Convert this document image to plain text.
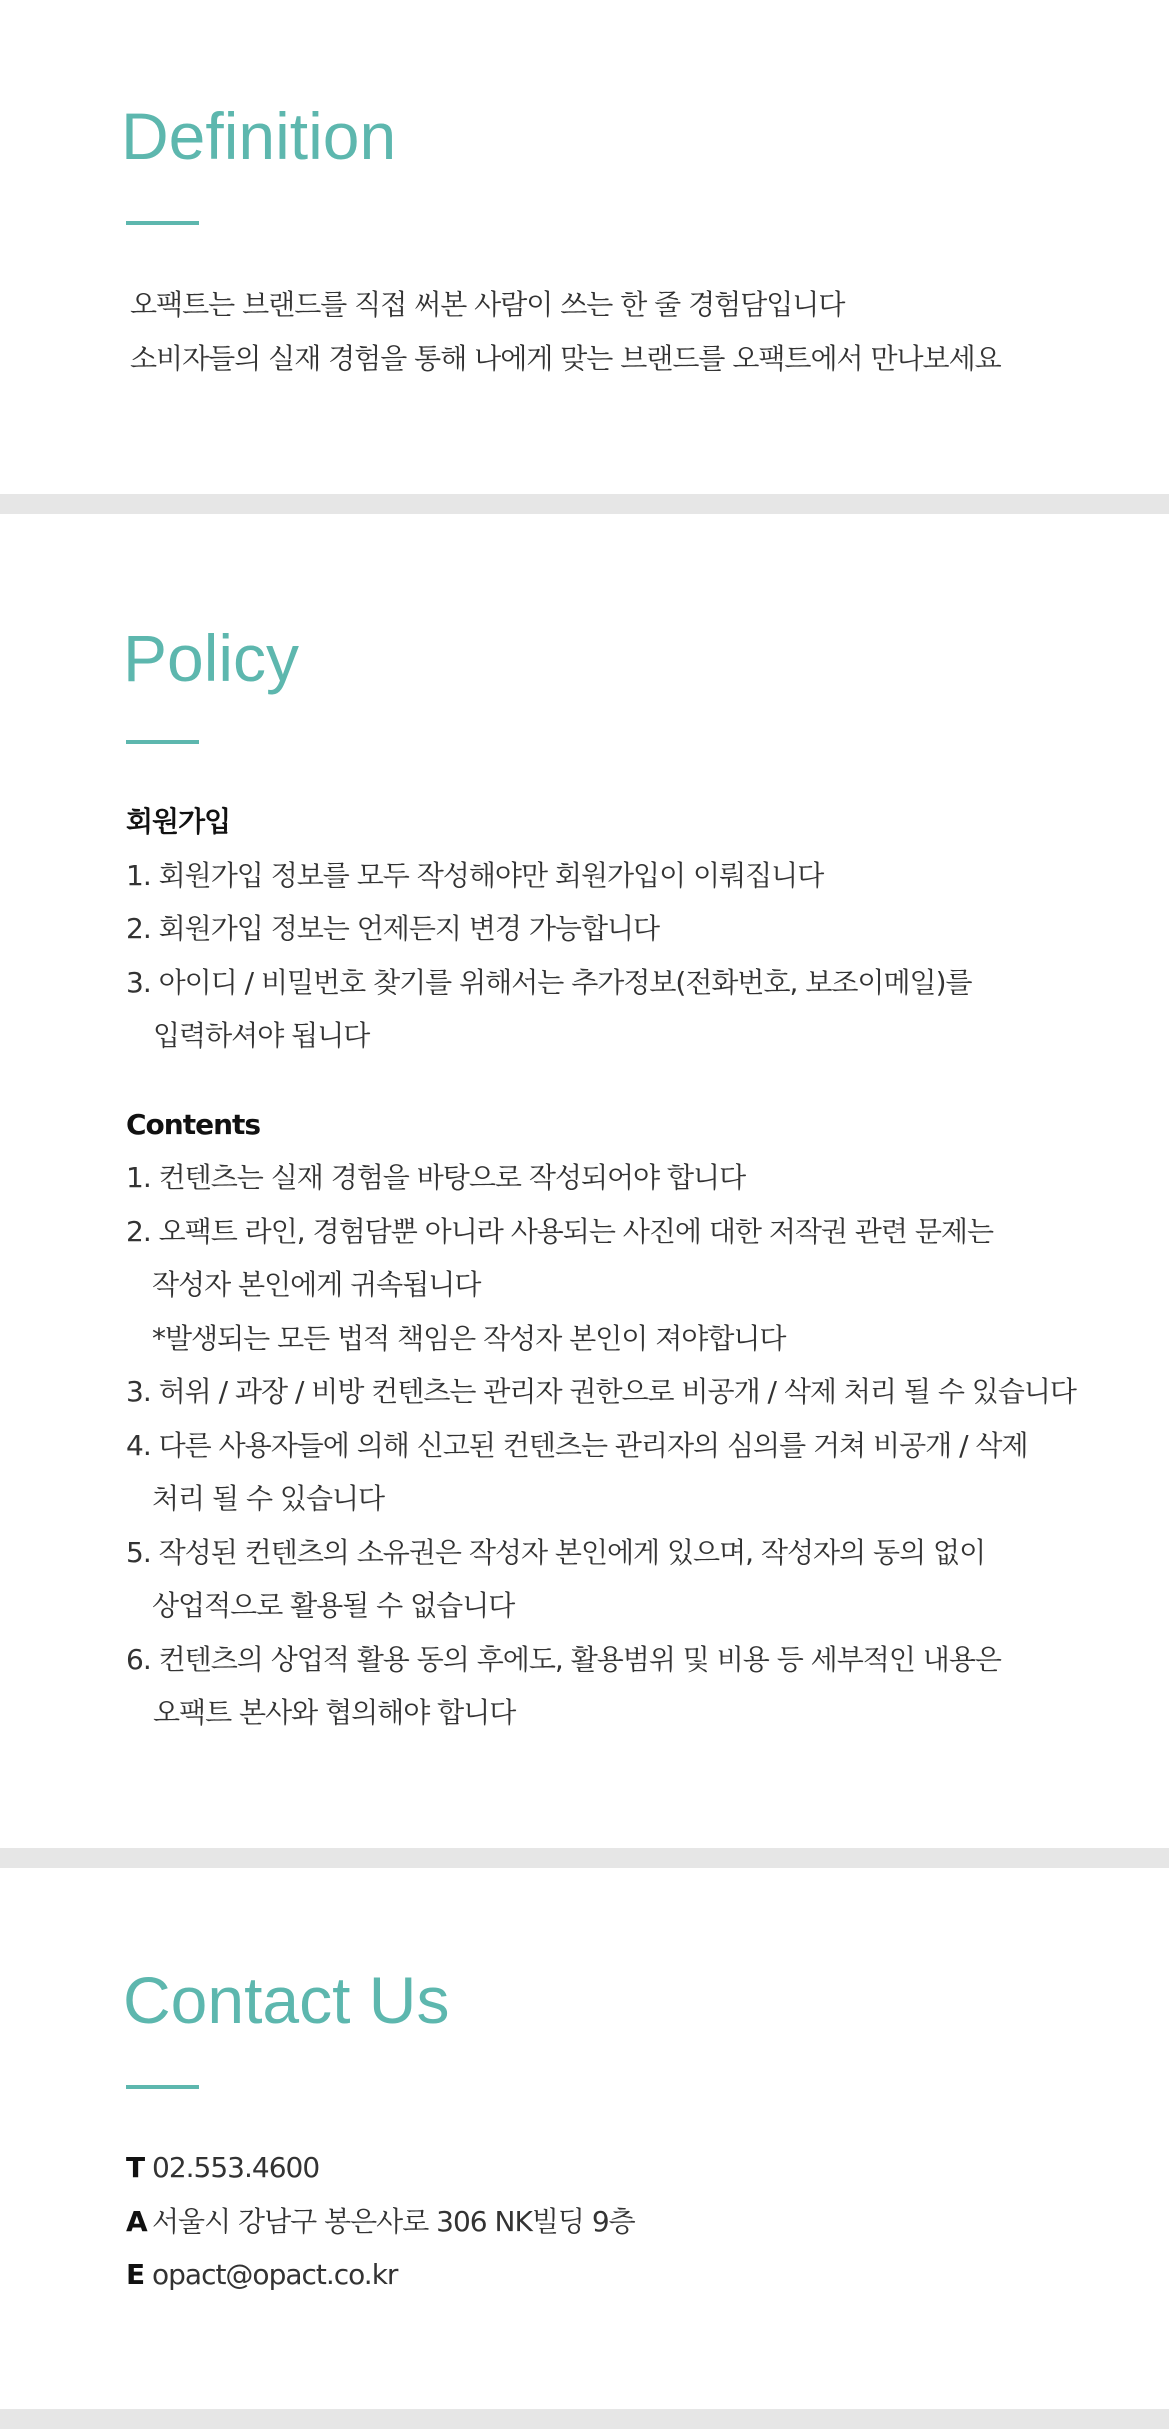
Definition
오팩트는 브랜드를 직접 써본 사람이 쓰는 한 줄 경험담입니다
소비자들의 실재 경험을 통해 나에게 맞는 브랜드를 오팩트에서 만나보세요
Policy
회원가입
1. 회원가입 정보를 모두 작성해야만 회원가입이 이뤄집니다
2. 회원가입 정보는 언제든지 변경 가능합니다
3. 아이디 / 비밀번호 찾기를 위해서는 추가정보(전화번호, 보조이메일)를
입력하셔야 됩니다
Contents
1. 컨텐츠는 실재 경험을 바탕으로 작성되어야 합니다
2. 오팩트 라인, 경험담뿐 아니라 사용되는 사진에 대한 저작권 관련 문제는
작성자 본인에게 귀속됩니다
*발생되는 모든 법적 책임은 작성자 본인이 져야합니다
3. 허위 / 과장 / 비방 컨텐츠는 관리자 권한으로 비공개 / 삭제 처리 될 수 있습니다
4. 다른 사용자들에 의해 신고된 컨텐츠는 관리자의 심의를 거쳐 비공개 / 삭제
처리 될 수 있습니다
5. 작성된 컨텐츠의 소유권은 작성자 본인에게 있으며, 작성자의 동의 없이
상업적으로 활용될 수 없습니다
6. 컨텐츠의 상업적 활용 동의 후에도, 활용범위 및 비용 등 세부적인 내용은
오팩트 본사와 협의해야 합니다
Contact Us
T 02.553.4600
A 서울시 강남구 봉은사로 306 NK빌딩 9층
E opact@opact.co.kr
